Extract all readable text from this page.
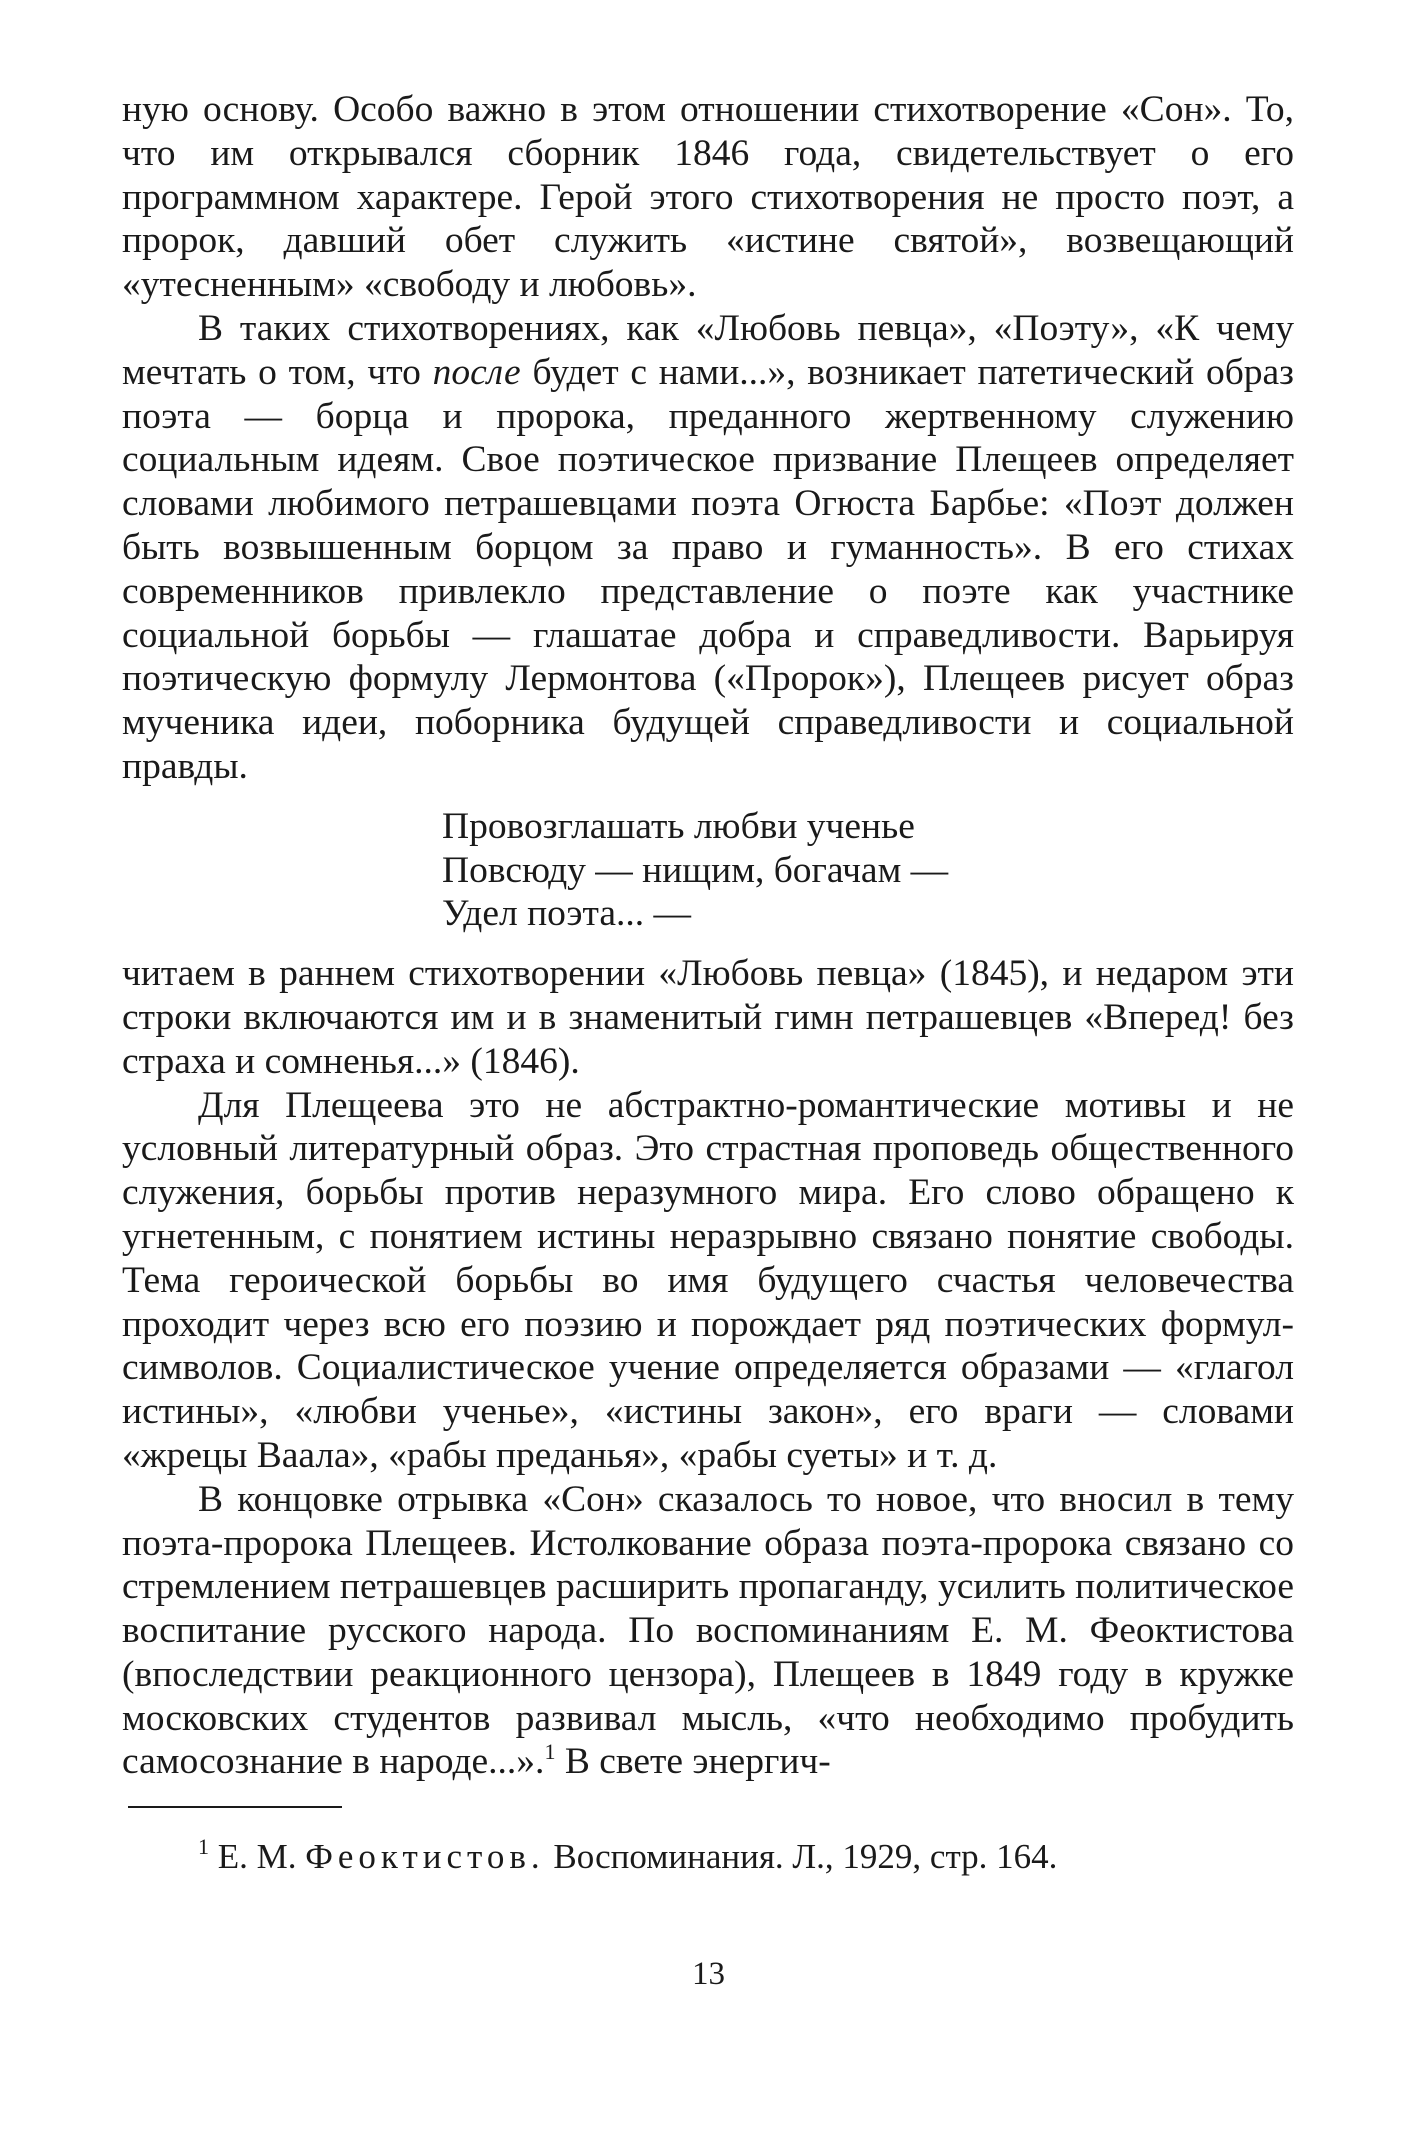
ную основу. Особо важно в этом отношении стихотворение «Сон». То, что им открывался сборник 1846 года, свидетельствует о его программном характере. Герой этого стихотворения не просто поэт, а пророк, давший обет служить «истине святой», возвещающий «утесненным» «свободу и любовь».

В таких стихотворениях, как «Любовь певца», «Поэту», «К чему мечтать о том, что после будет с нами...», возникает патетический образ поэта — борца и пророка, преданного жертвенному служению социальным идеям. Свое поэтическое призвание Плещеев определяет словами любимого петрашевцами поэта Огюста Барбье: «Поэт должен быть возвышенным борцом за право и гуманность». В его стихах современников привлекло представление о поэте как участнике социальной борьбы — глашатае добра и справедливости. Варьируя поэтическую формулу Лермонтова («Пророк»), Плещеев рисует образ мученика идеи, поборника будущей справедливости и социальной правды.

Провозглашать любви ученье
Повсюду — нищим, богачам —
Удел поэта... —

читаем в раннем стихотворении «Любовь певца» (1845), и недаром эти строки включаются им и в знаменитый гимн петрашевцев «Вперед! без страха и сомненья...» (1846).

Для Плещеева это не абстрактно-романтические мотивы и не условный литературный образ. Это страстная проповедь общественного служения, борьбы против неразумного мира. Его слово обращено к угнетенным, с понятием истины неразрывно связано понятие свободы. Тема героической борьбы во имя будущего счастья человечества проходит через всю его поэзию и порождает ряд поэтических формул-символов. Социалистическое учение определяется образами — «глагол истины», «любви ученье», «истины закон», его враги — словами «жрецы Ваала», «рабы преданья», «рабы суеты» и т. д.

В концовке отрывка «Сон» сказалось то новое, что вносил в тему поэта-пророка Плещеев. Истолкование образа поэта-пророка связано со стремлением петрашевцев расширить пропаганду, усилить политическое воспитание русского народа. По воспоминаниям Е. М. Феоктистова (впоследствии реакционного цензора), Плещеев в 1849 году в кружке московских студентов развивал мысль, «что необходимо пробудить самосознание в народе...».$^1$ В свете энергич-

$^1$ Е. М. Феоктистов. Воспоминания. Л., 1929, стр. 164.
13
